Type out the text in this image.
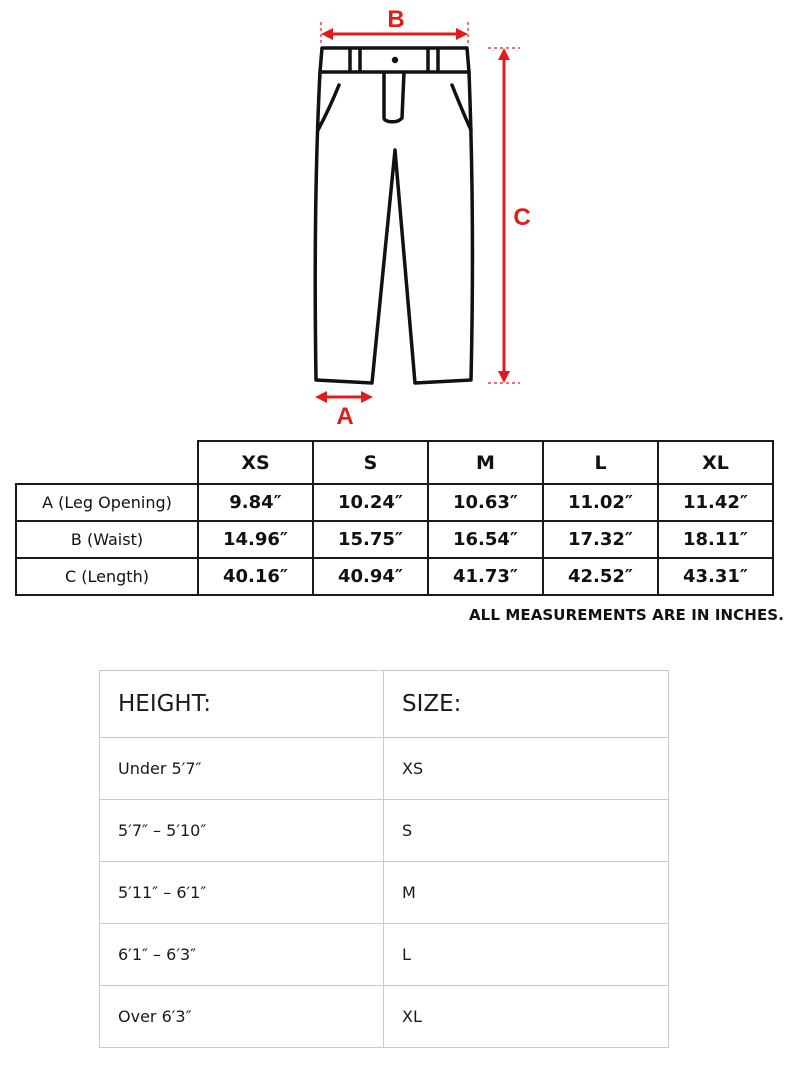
B
C
A
	XS	S	M	L	XL
A (Leg Opening)	9.84″	10.24″	10.63″	11.02″	11.42″
B (Waist)	14.96″	15.75″	16.54″	17.32″	18.11″
C (Length)	40.16″	40.94″	41.73″	42.52″	43.31″
ALL MEASUREMENTS ARE IN INCHES.
HEIGHT:	SIZE:
Under 5′7″	XS
5′7″ – 5′10″	S
5′11″ – 6′1″	M
6′1″ – 6′3″	L
Over 6′3″	XL
